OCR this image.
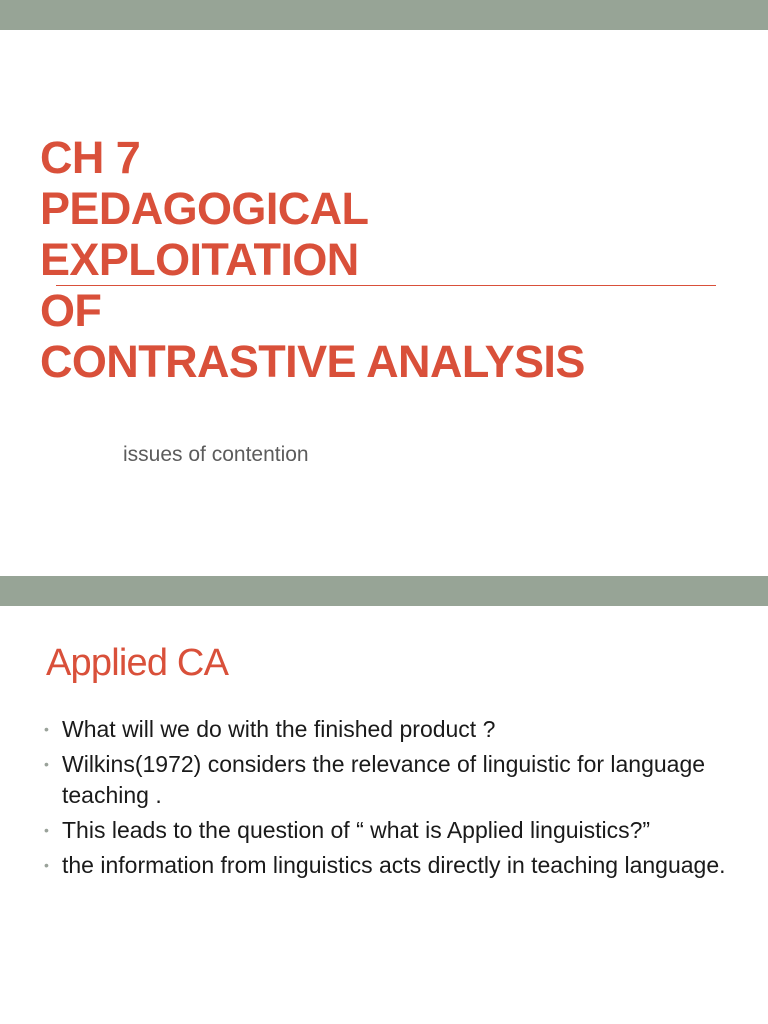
CH 7
PEDAGOGICAL
EXPLOITATION
OF
CONTRASTIVE ANALYSIS
issues of contention
Applied CA
• What will we do with the finished product ?
• Wilkins(1972) considers the relevance of linguistic for language teaching .
• This leads to the question of “ what is Applied linguistics?”
• the information from linguistics acts directly in teaching language.
